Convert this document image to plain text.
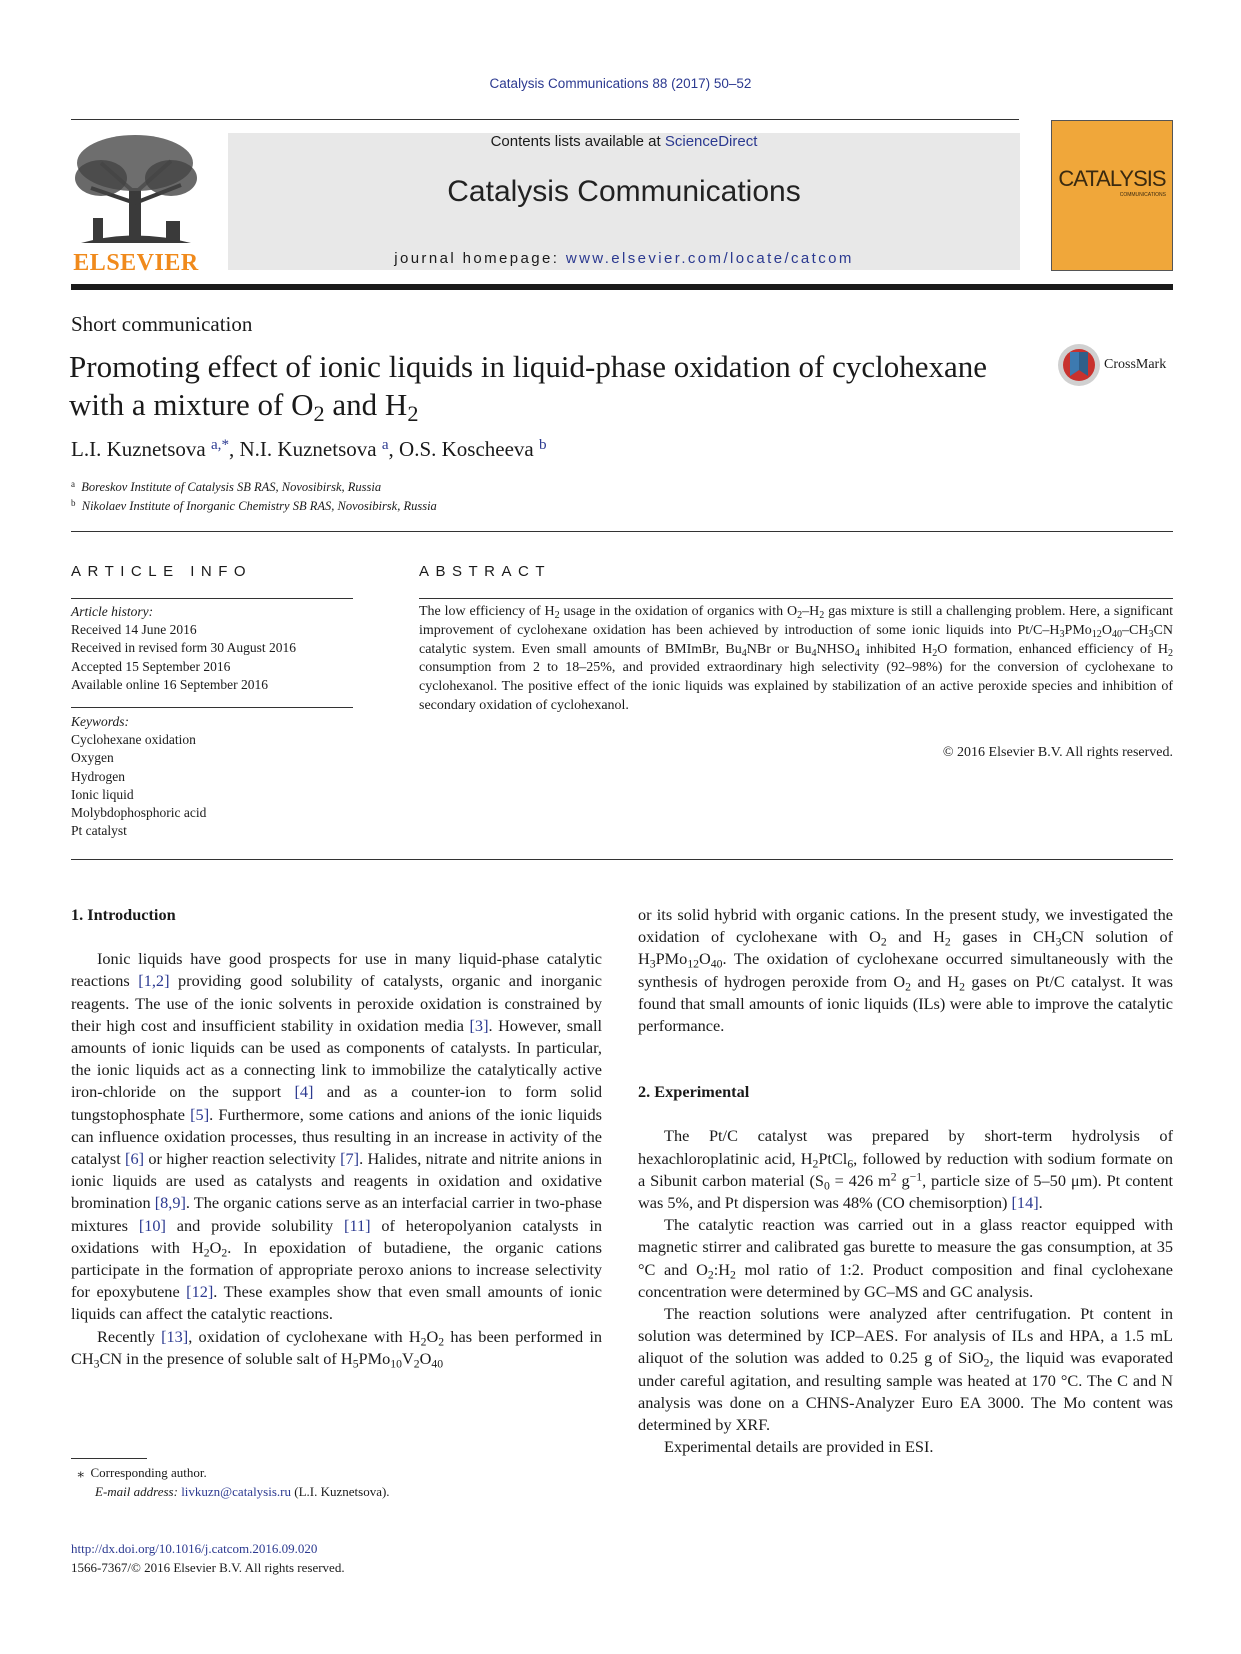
Catalysis Communications 88 (2017) 50–52
ELSEVIER
Contents lists available at ScienceDirect
Catalysis Communications
journal homepage: www.elsevier.com/locate/catcom
CATALYSIS
COMMUNICATIONS
Short communication
Promoting effect of ionic liquids in liquid-phase oxidation of cyclohexane
with a mixture of $O_2$ and $H_2$
CrossMark
L.I. Kuznetsova $^{a,*}$, N.I. Kuznetsova $^a$, O.S. Koscheeva $^b$
$^a$ Boreskov Institute of Catalysis SB RAS, Novosibirsk, Russia
$^b$ Nikolaev Institute of Inorganic Chemistry SB RAS, Novosibirsk, Russia
ARTICLE INFO
Article history:
Received 14 June 2016
Received in revised form 30 August 2016
Accepted 15 September 2016
Available online 16 September 2016
Keywords:
Cyclohexane oxidation
Oxygen
Hydrogen
Ionic liquid
Molybdophosphoric acid
Pt catalyst
ABSTRACT
The low efficiency of $H_2$ usage in the oxidation of organics with $O_2-H_2$ gas mixture is still a challenging problem. Here, a significant improvement of cyclohexane oxidation has been achieved by introduction of some ionic liquids into $Pt/C-H_3PMo_{12}O_{40}-CH_3CN$ catalytic system. Even small amounts of BMImBr, $Bu_4NBr$ or $Bu_4NHSO_4$ inhibited $H_2O$ formation, enhanced efficiency of $H_2$ consumption from 2 to 18–25%, and provided extraordinary high selectivity (92–98%) for the conversion of cyclohexane to cyclohexanol. The positive effect of the ionic liquids was explained by stabilization of an active peroxide species and inhibition of secondary oxidation of cyclohexanol.
© 2016 Elsevier B.V. All rights reserved.
1. Introduction

Ionic liquids have good prospects for use in many liquid-phase catalytic reactions [1,2] providing good solubility of catalysts, organic and inorganic reagents. The use of the ionic solvents in peroxide oxidation is constrained by their high cost and insufficient stability in oxidation media [3]. However, small amounts of ionic liquids can be used as components of catalysts. In particular, the ionic liquids act as a connecting link to immobilize the catalytically active iron-chloride on the support [4] and as a counter-ion to form solid tungstophosphate [5]. Furthermore, some cations and anions of the ionic liquids can influence oxidation processes, thus resulting in an increase in activity of the catalyst [6] or higher reaction selectivity [7]. Halides, nitrate and nitrite anions in ionic liquids are used as catalysts and reagents in oxidation and oxidative bromination [8,9]. The organic cations serve as an interfacial carrier in two-phase mixtures [10] and provide solubility [11] of heteropolyanion catalysts in oxidations with $H_2O_2$. In epoxidation of butadiene, the organic cations participate in the formation of appropriate peroxo anions to increase selectivity for epoxybutene [12]. These examples show that even small amounts of ionic liquids can affect the catalytic reactions.

Recently [13], oxidation of cyclohexane with $H_2O_2$ has been performed in $CH_3CN$ in the presence of soluble salt of $H_5PMo_{10}V_2O_{40}$

or its solid hybrid with organic cations. In the present study, we investigated the oxidation of cyclohexane with $O_2$ and $H_2$ gases in $CH_3CN$ solution of $H_3PMo_{12}O_{40}$. The oxidation of cyclohexane occurred simultaneously with the synthesis of hydrogen peroxide from $O_2$ and $H_2$ gases on Pt/C catalyst. It was found that small amounts of ionic liquids (ILs) were able to improve the catalytic performance.

2. Experimental

The Pt/C catalyst was prepared by short-term hydrolysis of hexachloroplatinic acid, $H_2PtCl_6$, followed by reduction with sodium formate on a Sibunit carbon material ($S_0 = 426$ $m^2$ $g^{-1}$, particle size of 5–50 μm). Pt content was 5%, and Pt dispersion was 48% (CO chemisorption) [14].

The catalytic reaction was carried out in a glass reactor equipped with magnetic stirrer and calibrated gas burette to measure the gas consumption, at 35 °C and $O_2:H_2$ mol ratio of 1:2. Product composition and final cyclohexane concentration were determined by GC–MS and GC analysis.

The reaction solutions were analyzed after centrifugation. Pt content in solution was determined by ICP–AES. For analysis of ILs and HPA, a 1.5 mL aliquot of the solution was added to 0.25 g of SiO$_2$, the liquid was evaporated under careful agitation, and resulting sample was heated at 170 °C. The C and N analysis was done on a CHNS-Analyzer Euro EA 3000. The Mo content was determined by XRF.

Experimental details are provided in ESI.

⁎  Corresponding author.
E-mail address: livkuzn@catalysis.ru (L.I. Kuznetsova).
http://dx.doi.org/10.1016/j.catcom.2016.09.020
1566-7367/© 2016 Elsevier B.V. All rights reserved.
